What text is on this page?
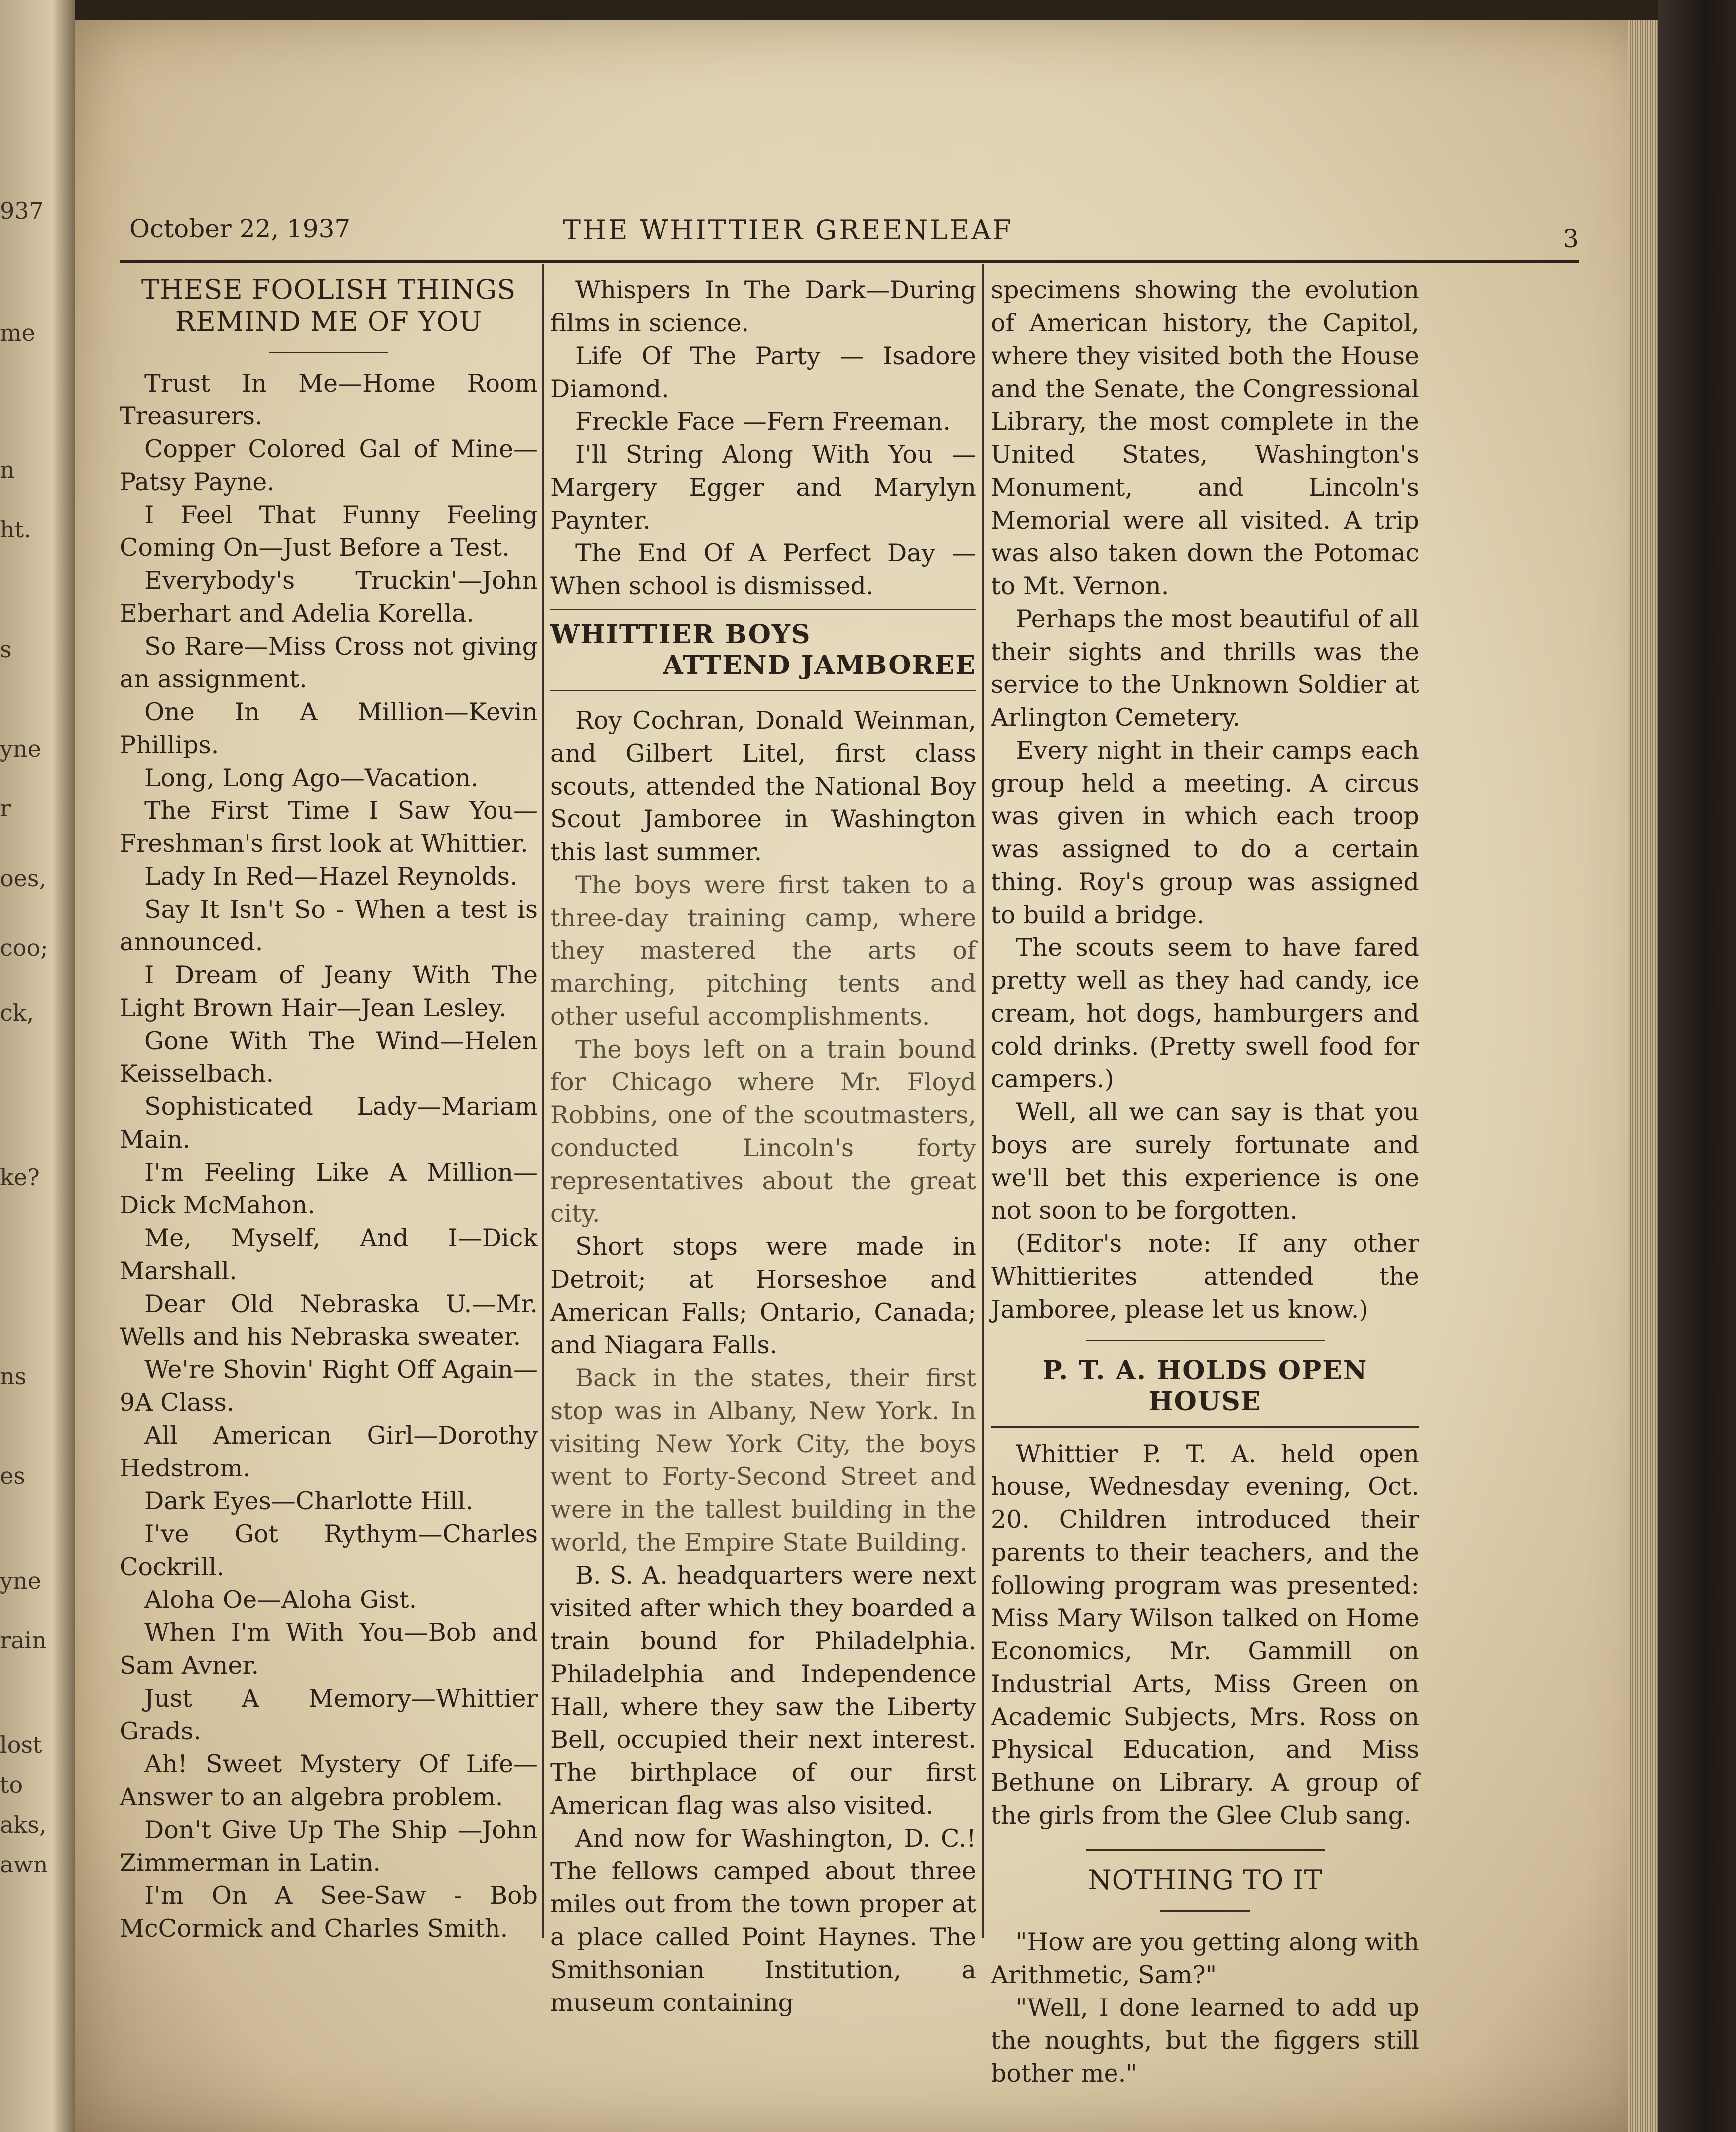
937
me
n
ht.
s
yne
r
oes,
coo;
ck,
ke?
ns
es
yne
rain
lost
to
aks,
awn
October 22, 1937	THE WHITTIER GREENLEAF	3
THESE FOOLISH THINGS
REMIND ME OF YOU

Trust In Me—Home Room Treasurers.

Copper Colored Gal of Mine—Patsy Payne.

I Feel That Funny Feeling Coming On—Just Before a Test.

Everybody's Truckin'—John Eberhart and Adelia Korella.

So Rare—Miss Cross not giving an assignment.

One In A Million—Kevin Phillips.

Long, Long Ago—Vacation.

The First Time I Saw You—Freshman's first look at Whittier.

Lady In Red—Hazel Reynolds.

Say It Isn't So - When a test is announced.

I Dream of Jeany With The Light Brown Hair—Jean Lesley.

Gone With The Wind—Helen Keisselbach.

Sophisticated Lady—Mariam Main.

I'm Feeling Like A Million—Dick McMahon.

Me, Myself, And I—Dick Marshall.

Dear Old Nebraska U.—Mr. Wells and his Nebraska sweater.

We're Shovin' Right Off Again—9A Class.

All American Girl—Dorothy Hedstrom.

Dark Eyes—Charlotte Hill.

I've Got Rythym—Charles Cockrill.

Aloha Oe—Aloha Gist.

When I'm With You—Bob and Sam Avner.

Just A Memory—Whittier Grads.

Ah! Sweet Mystery Of Life—Answer to an algebra problem.

Don't Give Up The Ship —John Zimmerman in Latin.

I'm On A See-Saw - Bob McCormick and Charles Smith.

Whispers In The Dark—During films in science.

Life Of The Party — Isadore Diamond.

Freckle Face —Fern Freeman.

I'll String Along With You —Margery Egger and Marylyn Paynter.

The End Of A Perfect Day — When school is dismissed.

WHITTIER BOYS
ATTEND JAMBOREE

Roy Cochran, Donald Weinman, and Gilbert Litel, first class scouts, attended the National Boy Scout Jamboree in Washington this last summer.

The boys were first taken to a three-day training camp, where they mastered the arts of marching, pitching tents and other useful accomplishments.

The boys left on a train bound for Chicago where Mr. Floyd Robbins, one of the scoutmasters, conducted Lincoln's forty representatives about the great city.

Short stops were made in Detroit; at Horseshoe and American Falls; Ontario, Canada; and Niagara Falls.

Back in the states, their first stop was in Albany, New York. In visiting New York City, the boys went to Forty-Second Street and were in the tallest building in the world, the Empire State Building.

B. S. A. headquarters were next visited after which they boarded a train bound for Philadelphia. Philadelphia and Independence Hall, where they saw the Liberty Bell, occupied their next interest. The birthplace of our first American flag was also visited.

And now for Washington, D. C.! The fellows camped about three miles out from the town proper at a place called Point Haynes. The Smithsonian Institution, a museum containing

specimens showing the evolution of American history, the Capitol, where they visited both the House and the Senate, the Congressional Library, the most complete in the United States, Washington's Monument, and Lincoln's Memorial were all visited. A trip was also taken down the Potomac to Mt. Vernon.

Perhaps the most beautiful of all their sights and thrills was the service to the Unknown Soldier at Arlington Cemetery.

Every night in their camps each group held a meeting. A circus was given in which each troop was assigned to do a certain thing. Roy's group was assigned to build a bridge.

The scouts seem to have fared pretty well as they had candy, ice cream, hot dogs, hamburgers and cold drinks. (Pretty swell food for campers.)

Well, all we can say is that you boys are surely fortunate and we'll bet this experience is one not soon to be forgotten.

(Editor's note: If any other Whittierites attended the Jamboree, please let us know.)

P. T. A. HOLDS OPEN HOUSE

Whittier P. T. A. held open house, Wednesday evening, Oct. 20. Children introduced their parents to their teachers, and the following program was presented: Miss Mary Wilson talked on Home Economics, Mr. Gammill on Industrial Arts, Miss Green on Academic Subjects, Mrs. Ross on Physical Education, and Miss Bethune on Library. A group of the girls from the Glee Club sang.

NOTHING TO IT

"How are you getting along with Arithmetic, Sam?"

"Well, I done learned to add up the noughts, but the figgers still bother me."
